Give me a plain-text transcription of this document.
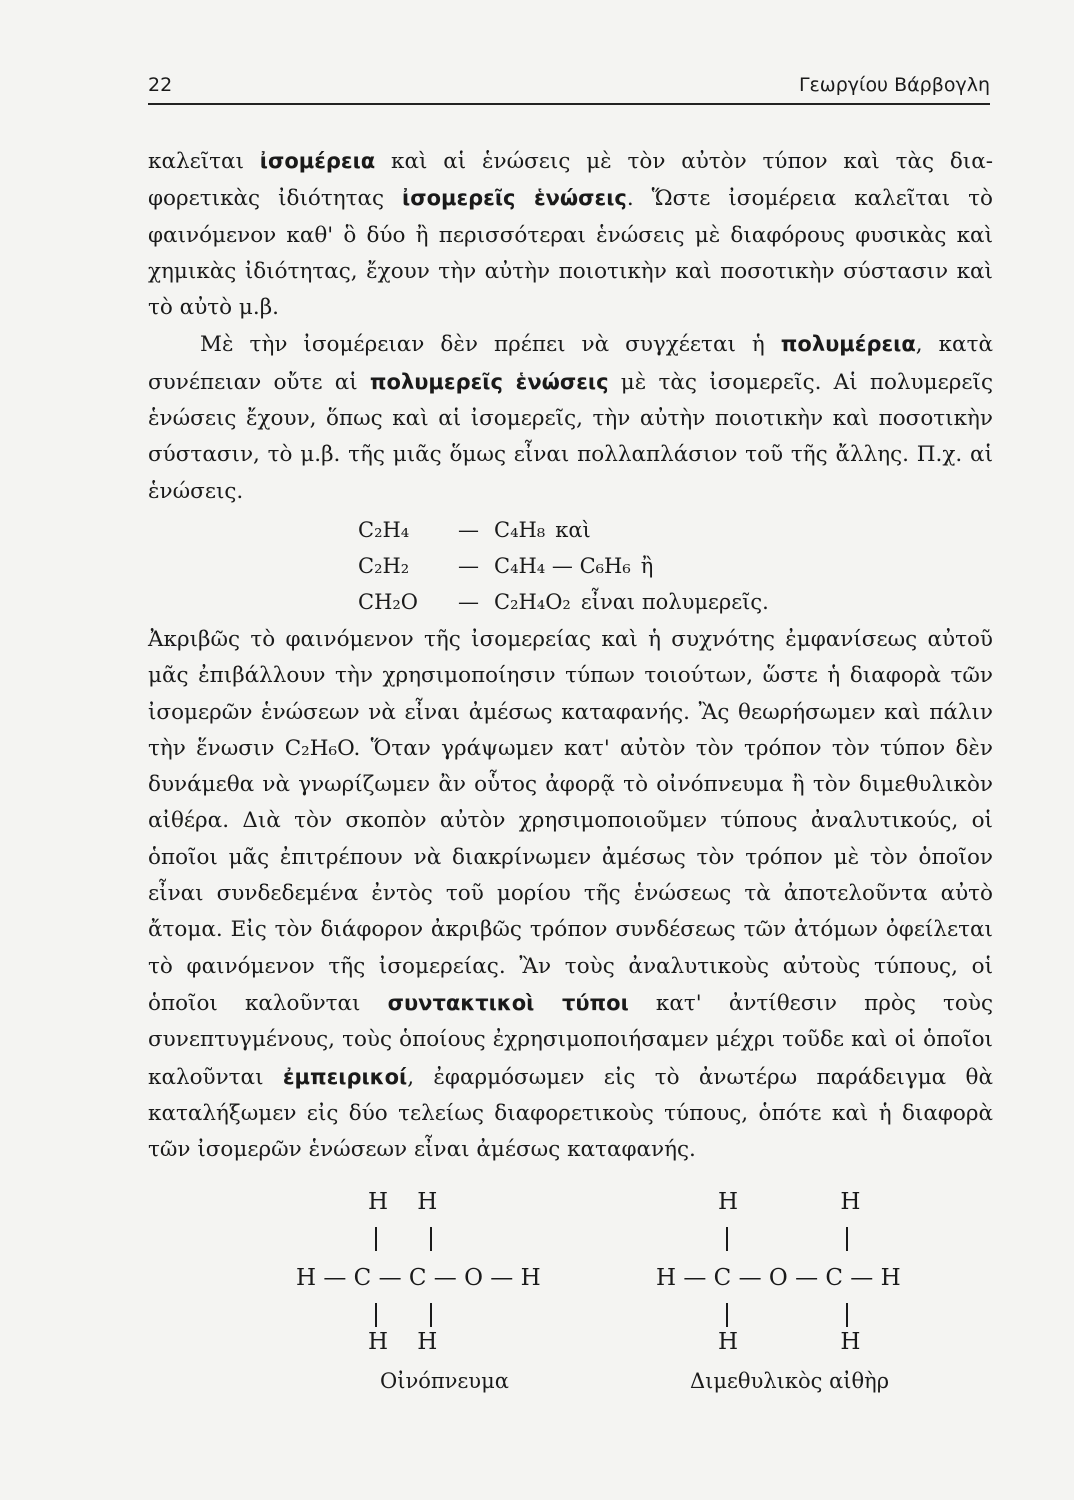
22	Γεωργίου Βάρβογλη

καλεῖται ἰσομέρεια καὶ αἱ ἑνώσεις μὲ τὸν αὐτὸν τύπον καὶ τὰς διαφορετικὰς ἰδιότητας ἰσομερεῖς ἑνώσεις. Ὥστε ἰσομέρεια καλεῖται τὸ φαινόμενον καθ' ὃ δύο ἢ περισσότεραι ἑνώσεις μὲ διαφόρους φυσικὰς καὶ χημικὰς ἰδιότητας, ἔχουν τὴν αὐτὴν ποιοτικὴν καὶ ποσοτικὴν σύστασιν καὶ τὸ αὐτὸ μ.β.

Μὲ τὴν ἰσομέρειαν δὲν πρέπει νὰ συγχέεται ἡ πολυμέρεια, κατὰ συνέπειαν οὔτε αἱ πολυμερεῖς ἑνώσεις μὲ τὰς ἰσομερεῖς. Αἱ πολυμερεῖς ἑνώσεις ἔχουν, ὅπως καὶ αἱ ἰσομερεῖς, τὴν αὐτὴν ποιοτικὴν καὶ ποσοτικὴν σύστασιν, τὸ μ.β. τῆς μιᾶς ὅμως εἶναι πολλαπλάσιον τοῦ τῆς ἄλλης. Π.χ. αἱ ἑνώσεις.

C₂H₄	— C₄H₈ καὶ
C₂H₂	— C₄H₄ — C₆H₆ ἢ
CH₂O	— C₂H₄O₂ εἶναι πολυμερεῖς.

Ἀκριβῶς τὸ φαινόμενον τῆς ἰσομερείας καὶ ἡ συχνότης ἐμφανίσεως αὐτοῦ μᾶς ἐπιβάλλουν τὴν χρησιμοποίησιν τύπων τοιούτων, ὥστε ἡ διαφορὰ τῶν ἰσομερῶν ἑνώσεων νὰ εἶναι ἀμέσως καταφανής. Ἂς θεωρήσωμεν καὶ πάλιν τὴν ἕνωσιν C₂H₆O. Ὅταν γράψωμεν κατ' αὐτὸν τὸν τρόπον τὸν τύπον δὲν δυνάμεθα νὰ γνωρίζωμεν ἂν οὗτος ἀφορᾷ τὸ οἰνόπνευμα ἢ τὸν διμεθυλικὸν αἰθέρα. Διὰ τὸν σκοπὸν αὐτὸν χρησιμοποιοῦμεν τύπους ἀναλυτικούς, οἱ ὁποῖοι μᾶς ἐπιτρέπουν νὰ διακρίνωμεν ἀμέσως τὸν τρόπον μὲ τὸν ὁποῖον εἶναι συνδεδεμένα ἐντὸς τοῦ μορίου τῆς ἑνώσεως τὰ ἀποτελοῦντα αὐτὸ ἄτομα. Εἰς τὸν διάφορον ἀκριβῶς τρόπον συνδέσεως τῶν ἀτόμων ὀφείλεται τὸ φαινόμενον τῆς ἰσομερείας. Ἂν τοὺς ἀναλυτικοὺς αὐτοὺς τύπους, οἱ ὁποῖοι καλοῦνται συντακτικοὶ τύποι κατ' ἀντίθεσιν πρὸς τοὺς συνεπτυγμένους, τοὺς ὁποίους ἐχρησιμοποιήσαμεν μέχρι τοῦδε καὶ οἱ ὁποῖοι καλοῦνται ἐμπειρικοί, ἐφαρμόσωμεν εἰς τὸ ἀνωτέρω παράδειγμα θὰ καταλήξωμεν εἰς δύο τελείως διαφορετικοὺς τύπους, ὁπότε καὶ ἡ διαφορὰ τῶν ἰσομερῶν ἑνώσεων εἶναι ἀμέσως καταφανής.

H    H
H — C — C — O — H
H    H
Οἰνόπνευμα
H              H
H — C — O — C — H
H              H
Διμεθυλικὸς αἰθὴρ
